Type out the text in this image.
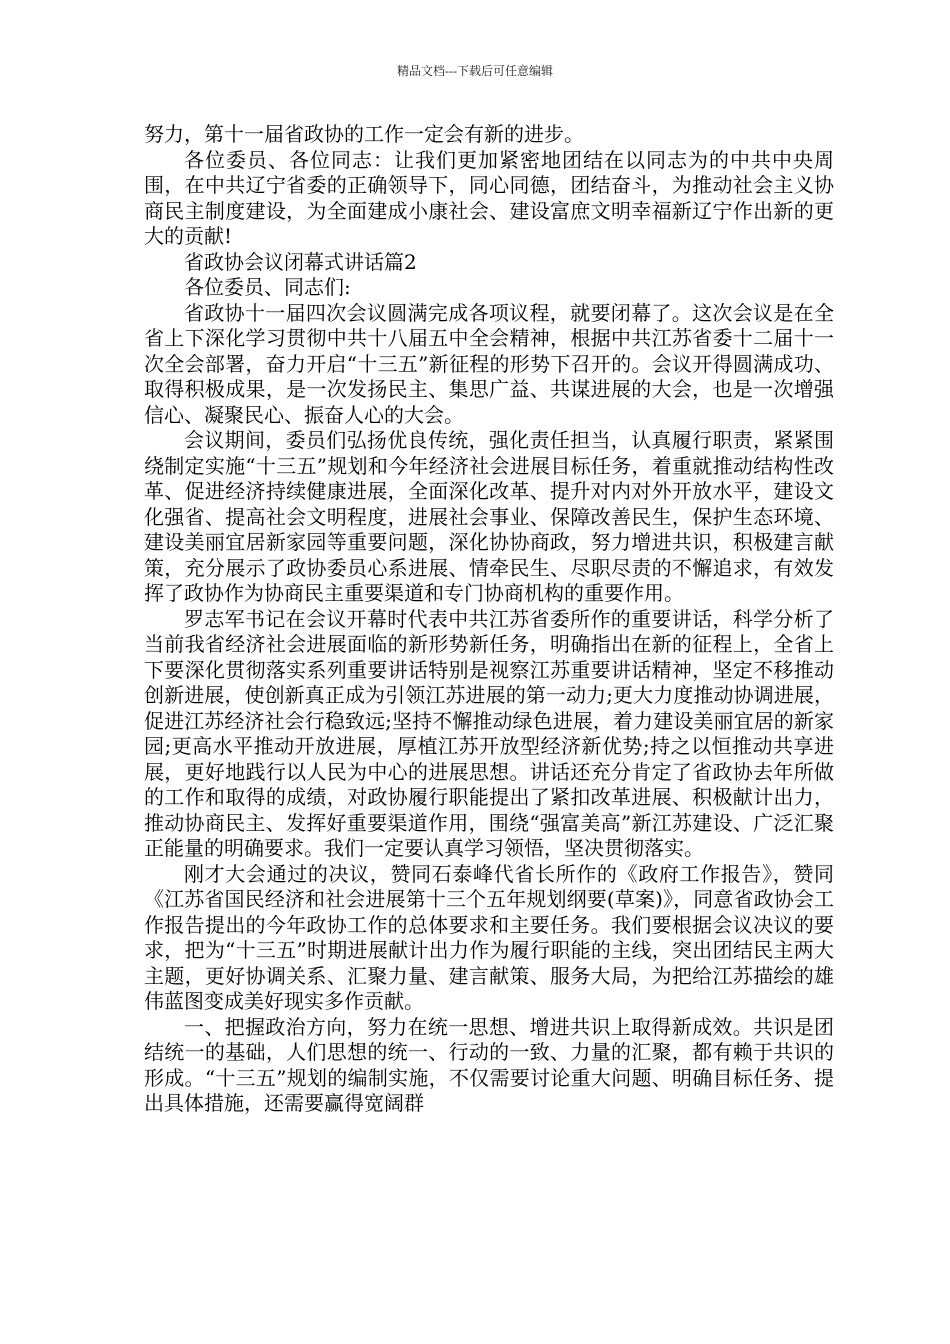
精品文档---下载后可任意编辑

努力，第十一届省政协的工作一定会有新的进步。

各位委员、各位同志：让我们更加紧密地团结在以同志为的中共中央周围，在中共辽宁省委的正确领导下，同心同德，团结奋斗，为推动社会主义协商民主制度建设，为全面建成小康社会、建设富庶文明幸福新辽宁作出新的更大的贡献!

省政协会议闭幕式讲话篇2

各位委员、同志们:

省政协十一届四次会议圆满完成各项议程，就要闭幕了。这次会议是在全省上下深化学习贯彻中共十八届五中全会精神，根据中共江苏省委十二届十一次全会部署，奋力开启“十三五”新征程的形势下召开的。会议开得圆满成功、取得积极成果，是一次发扬民主、集思广益、共谋进展的大会，也是一次增强信心、凝聚民心、振奋人心的大会。

会议期间，委员们弘扬优良传统，强化责任担当，认真履行职责，紧紧围绕制定实施“十三五”规划和今年经济社会进展目标任务，着重就推动结构性改革、促进经济持续健康进展，全面深化改革、提升对内对外开放水平，建设文化强省、提高社会文明程度，进展社会事业、保障改善民生，保护生态环境、建设美丽宜居新家园等重要问题，深化协协商政，努力增进共识，积极建言献策，充分展示了政协委员心系进展、情牵民生、尽职尽责的不懈追求，有效发挥了政协作为协商民主重要渠道和专门协商机构的重要作用。

罗志军书记在会议开幕时代表中共江苏省委所作的重要讲话，科学分析了当前我省经济社会进展面临的新形势新任务，明确指出在新的征程上，全省上下要深化贯彻落实系列重要讲话特别是视察江苏重要讲话精神，坚定不移推动创新进展，使创新真正成为引领江苏进展的第一动力;更大力度推动协调进展，促进江苏经济社会行稳致远;坚持不懈推动绿色进展，着力建设美丽宜居的新家园;更高水平推动开放进展，厚植江苏开放型经济新优势;持之以恒推动共享进展，更好地践行以人民为中心的进展思想。讲话还充分肯定了省政协去年所做的工作和取得的成绩，对政协履行职能提出了紧扣改革进展、积极献计出力，推动协商民主、发挥好重要渠道作用，围绕“强富美高”新江苏建设、广泛汇聚正能量的明确要求。我们一定要认真学习领悟，坚决贯彻落实。

刚才大会通过的决议，赞同石泰峰代省长所作的《政府工作报告》，赞同《江苏省国民经济和社会进展第十三个五年规划纲要(草案)》，同意省政协会工作报告提出的今年政协工作的总体要求和主要任务。我们要根据会议决议的要求，把为“十三五”时期进展献计出力作为履行职能的主线，突出团结民主两大主题，更好协调关系、汇聚力量、建言献策、服务大局，为把给江苏描绘的雄伟蓝图变成美好现实多作贡献。

一、把握政治方向，努力在统一思想、增进共识上取得新成效。共识是团结统一的基础，人们思想的统一、行动的一致、力量的汇聚，都有赖于共识的形成。“十三五”规划的编制实施，不仅需要讨论重大问题、明确目标任务、提出具体措施，还需要赢得宽阔群
